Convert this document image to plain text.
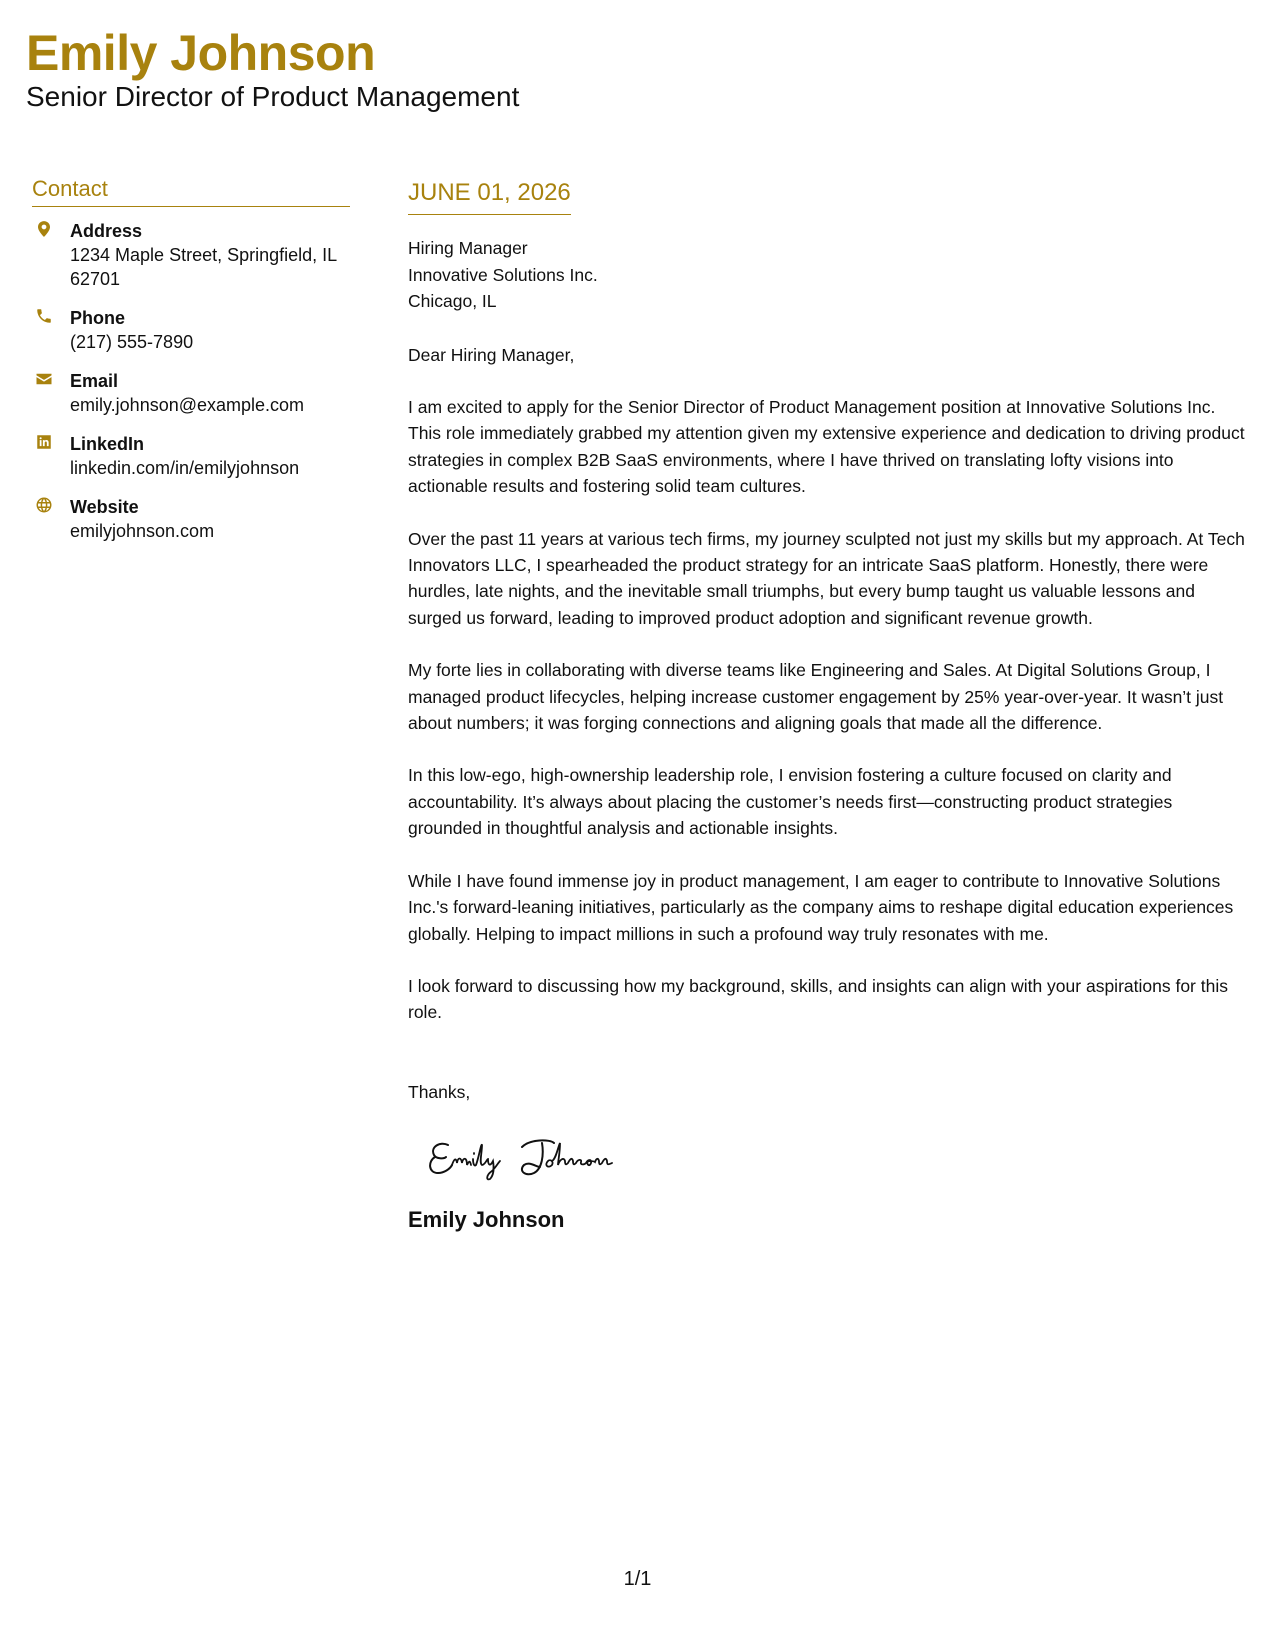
Emily Johnson
Senior Director of Product Management
Contact
Address
1234 Maple Street, Springfield, IL 62701
Phone
(217) 555-7890
Email
emily.johnson@example.com
LinkedIn
linkedin.com/in/emilyjohnson
Website
emilyjohnson.com
JUNE 01, 2026
Hiring Manager
Innovative Solutions Inc.
Chicago, IL
Dear Hiring Manager,
I am excited to apply for the Senior Director of Product Management position at Innovative Solutions Inc. This role immediately grabbed my attention given my extensive experience and dedication to driving product strategies in complex B2B SaaS environments, where I have thrived on translating lofty visions into actionable results and fostering solid team cultures.
Over the past 11 years at various tech firms, my journey sculpted not just my skills but my approach. At Tech Innovators LLC, I spearheaded the product strategy for an intricate SaaS platform. Honestly, there were hurdles, late nights, and the inevitable small triumphs, but every bump taught us valuable lessons and surged us forward, leading to improved product adoption and significant revenue growth.
My forte lies in collaborating with diverse teams like Engineering and Sales. At Digital Solutions Group, I managed product lifecycles, helping increase customer engagement by 25% year-over-year. It wasn’t just about numbers; it was forging connections and aligning goals that made all the difference.
In this low-ego, high-ownership leadership role, I envision fostering a culture focused on clarity and accountability. It’s always about placing the customer’s needs first—constructing product strategies grounded in thoughtful analysis and actionable insights.
While I have found immense joy in product management, I am eager to contribute to Innovative Solutions Inc.'s forward-leaning initiatives, particularly as the company aims to reshape digital education experiences globally. Helping to impact millions in such a profound way truly resonates with me.
I look forward to discussing how my background, skills, and insights can align with your aspirations for this role.
Thanks,
Emily Johnson
1/1
